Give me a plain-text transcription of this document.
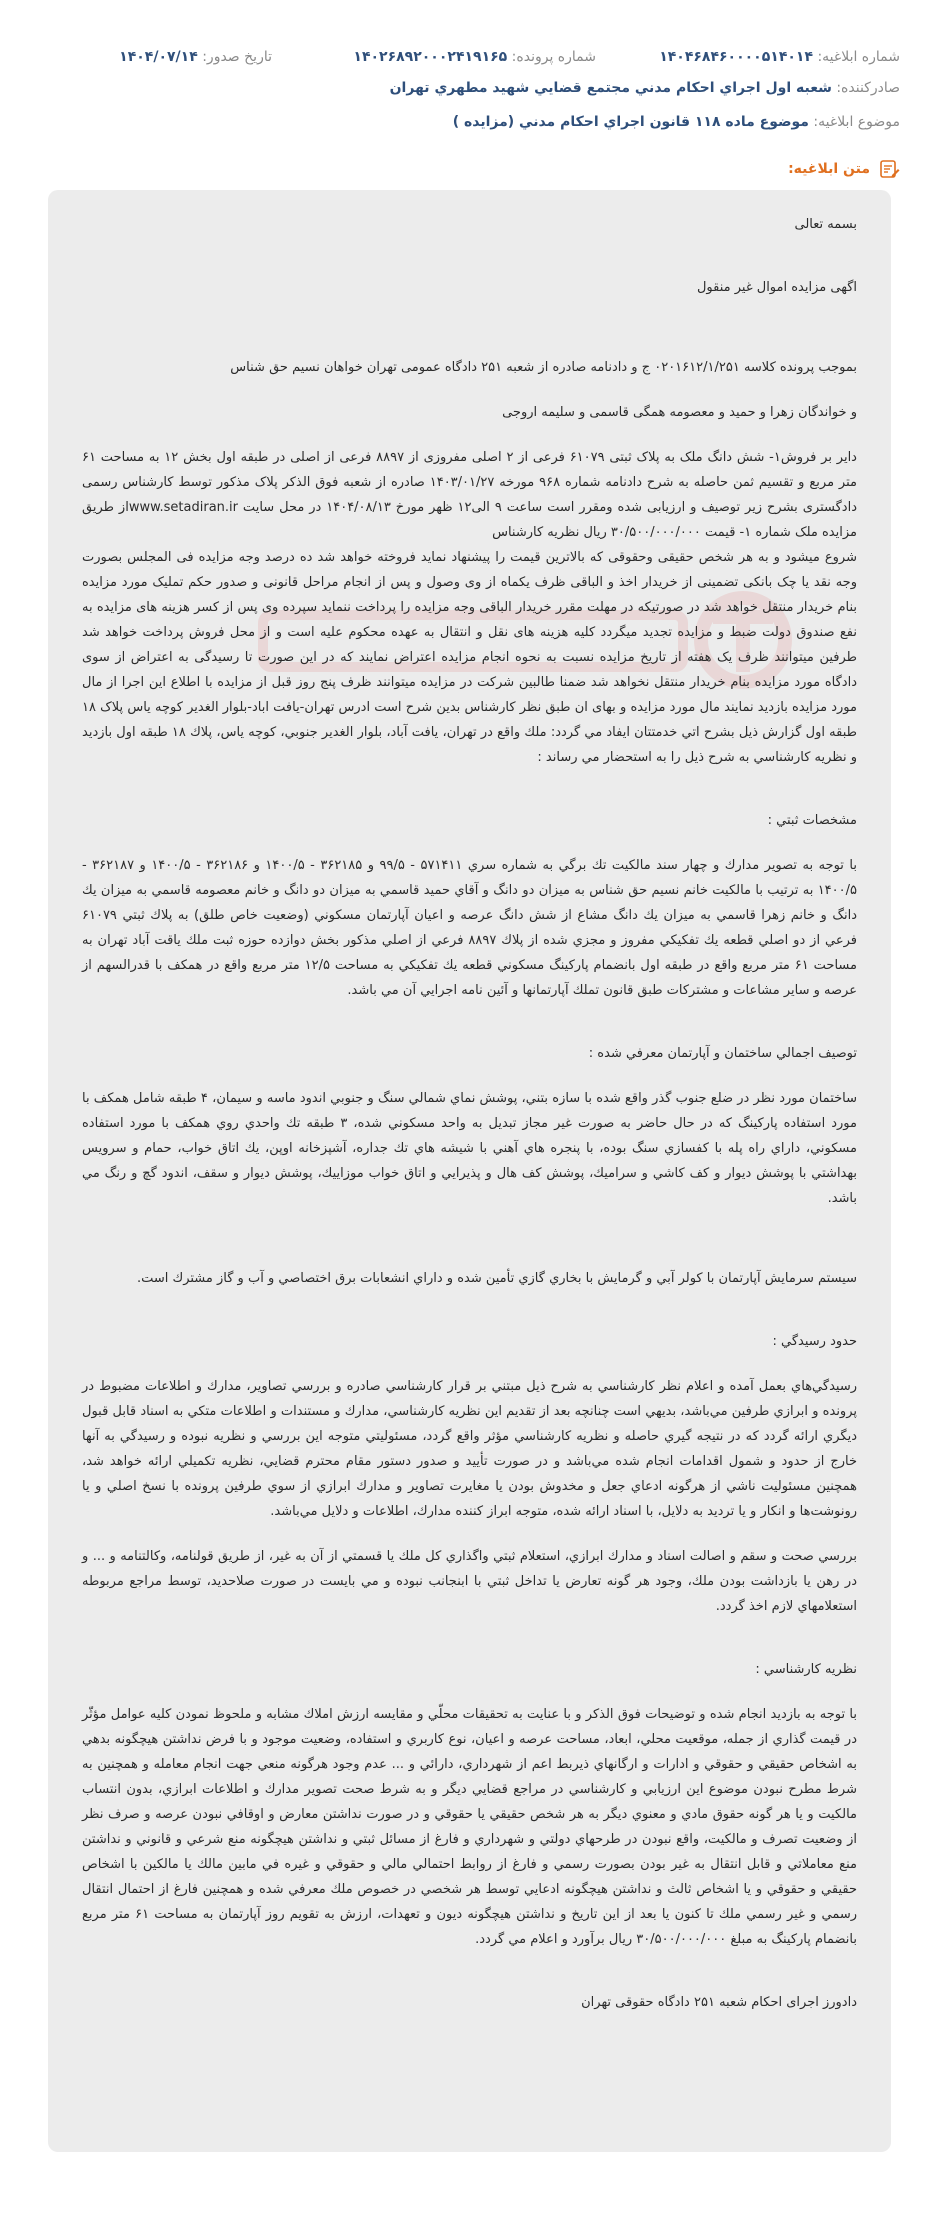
شماره ابلاغیه: ۱۴۰۴۶۸۴۶۰۰۰۰۵۱۴۰۱۴
شماره پرونده: ۱۴۰۲۶۸۹۲۰۰۰۲۴۱۹۱۶۵
تاریخ صدور: ۱۴۰۴/۰۷/۱۴
صادرکننده: شعبه اول اجراي احكام مدني مجتمع قضايي شهيد مطهري تهران
موضوع ابلاغیه: موضوع ماده ۱۱۸ قانون اجراي احكام مدني (مزايده )
متن ابلاغیه:

بسمه تعالی

اگهی مزایده اموال غیر منقول

بموجب پرونده کلاسه ۰۲۰۱۶۱۲/۱/۲۵۱ ج و دادنامه صادره از شعبه ۲۵۱ دادگاه عمومی تهران خواهان نسیم حق شناس

و خواندگان زهرا و حمید و معصومه همگی قاسمی و سلیمه اروجی

دایر بر فروش۱- شش دانگ ملک به پلاک ثبتی ۶۱۰۷۹ فرعی از ۲ اصلی مفروزی از ۸۸۹۷ فرعی از اصلی در طبقه اول بخش ۱۲ به مساحت ۶۱ متر مربع و تقسیم ثمن حاصله به شرح دادنامه شماره ۹۶۸ مورخه ۱۴۰۳/۰۱/۲۷ صادره از شعبه فوق الذکر پلاک مذکور توسط کارشناس رسمی دادگستری بشرح زیر توصیف و ارزیابی شده ومقرر است ساعت ۹ الی۱۲ ظهر مورخ ۱۴۰۴/۰۸/۱۳ در محل سایت www.setadiran.irاز طریق مزایده ملک شماره ۱- قیمت ۳۰/۵۰۰/۰۰۰/۰۰۰ ریال نظریه کارشناس

شروع میشود و به هر شخص حقیقی وحقوقی که بالاترین قیمت را پیشنهاد نماید فروخته خواهد شد ده درصد وجه مزایده فی المجلس بصورت وجه نقد یا چک بانکی تضمینی از خریدار اخذ و الباقی ظرف یکماه از وی وصول و پس از انجام مراحل قانونی و صدور حکم تملیک مورد مزایده بنام خریدار منتقل خواهد شد در صورتیکه در مهلت مقرر خریدار الباقی وجه مزایده را پرداخت ننماید سپرده وی پس از کسر هزینه های مزایده به نفع صندوق دولت ضبط و مزایده تجدید میگردد کلیه هزینه های نقل و انتقال به عهده محکوم علیه است و از محل فروش پرداخت خواهد شد طرفین میتوانند ظرف یک هفته از تاریخ مزایده نسبت به نحوه انجام مزایده اعتراض نمایند که در این صورت تا رسیدگی به اعتراض از سوی دادگاه مورد مزایده بنام خریدار منتقل نخواهد شد ضمنا طالبین شرکت در مزایده میتوانند ظرف پنج روز قبل از مزایده با اطلاع این اجرا از مال مورد مزایده بازدید نمایند مال مورد مزایده و بهای ان طبق نظر کارشناس بدین شرح است ادرس تهران-یافت اباد-بلوار الغدیر کوچه یاس پلاک ۱۸ طبقه اول گزارش ذیل بشرح اتي خدمتتان ايفاد مي گردد: ملك واقع در تهران، يافت آباد، بلوار الغدير جنوبي، كوچه ياس، پلاك ۱۸ طبقه اول بازديد و نظريه كارشناسي به شرح ذيل را به استحضار مي رساند :

مشخصات ثبتي :

با توجه به تصوير مدارك و چهار سند مالكيت تك برگي به شماره سري ۵۷۱۴۱۱ - ۹۹/۵ و ۳۶۲۱۸۵ - ۱۴۰۰/۵ و ۳۶۲۱۸۶ - ۱۴۰۰/۵ و ۳۶۲۱۸۷ - ۱۴۰۰/۵ به ترتيب با مالكيت خانم نسيم حق شناس به ميزان دو دانگ و آقاي حميد قاسمي به ميزان دو دانگ و خانم معصومه قاسمي به ميزان يك دانگ و خانم زهرا قاسمي به ميزان يك دانگ مشاع از شش دانگ عرصه و اعيان آپارتمان مسكوني (وضعيت خاص طلق) به پلاك ثبتي ۶۱۰۷۹ فرعي از دو اصلي قطعه يك تفكيكي مفروز و مجزي شده از پلاك ۸۸۹۷ فرعي از اصلي مذكور بخش دوازده حوزه ثبت ملك ياقت آباد تهران به مساحت ۶۱ متر مربع واقع در طبقه اول بانضمام پاركينگ مسكوني قطعه يك تفكيكي به مساحت ۱۲/۵ متر مربع واقع در همكف با قدرالسهم از عرصه و ساير مشاعات و مشتركات طبق قانون تملك آپارتمانها و آئين نامه اجرايي آن مي باشد.

توصيف اجمالي ساختمان و آپارتمان معرفي شده :

ساختمان مورد نظر در ضلع جنوب گذر واقع شده با سازه بتني، پوشش نماي شمالي سنگ و جنوبي اندود ماسه و سيمان، ۴ طبقه شامل همكف با مورد استفاده پاركينگ كه در حال حاضر به صورت غير مجاز تبديل به واحد مسكوني شده، ۳ طبقه تك واحدي روي همكف با مورد استفاده مسكوني، داراي راه پله با كفسازي سنگ بوده، با پنجره هاي آهني با شيشه هاي تك جداره، آشپزخانه اوپن، يك اتاق خواب، حمام و سرويس بهداشتي با پوشش ديوار و كف كاشي و سراميك، پوشش كف هال و پذيرايي و اتاق خواب موزاييك، پوشش ديوار و سقف، اندود گچ و رنگ مي باشد.

سيستم سرمايش آپارتمان با كولر آبي و گرمايش با بخاري گازي تأمين شده و داراي انشعابات برق اختصاصي و آب و گاز مشترك است.

حدود رسيدگي :

رسيدگي‌هاي بعمل آمده و اعلام نظر كارشناسي به شرح ذيل مبتني بر قرار كارشناسي صادره و بررسي تصاوير، مدارك و اطلاعات مضبوط در پرونده و ابرازي طرفين مي‌باشد، بديهي است چنانچه بعد از تقديم اين نظريه كارشناسي، مدارك و مستندات و اطلاعات متكي به اسناد قابل قبول ديگري ارائه گردد كه در نتيجه گيري حاصله و نظريه كارشناسي مؤثر واقع گردد، مسئوليتي متوجه اين بررسي و نظريه نبوده و رسيدگي به آنها خارج از حدود و شمول اقدامات انجام شده مي‌باشد و در صورت تأييد و صدور دستور مقام محترم قضايي، نظريه تكميلي ارائه خواهد شد، همچنين مسئوليت ناشي از هرگونه ادعاي جعل و مخدوش بودن يا مغايرت تصاوير و مدارك ابرازي از سوي طرفين پرونده با نسخ اصلي و يا رونوشت‌ها و انكار و يا ترديد به دلايل، با اسناد ارائه شده، متوجه ابراز كننده مدارك، اطلاعات و دلايل مي‌باشد.

بررسي صحت و سقم و اصالت اسناد و مدارك ابرازي، استعلام ثبتي واگذاري كل ملك يا قسمتي از آن به غير، از طريق قولنامه، وكالتنامه و ... و در رهن يا بازداشت بودن ملك، وجود هر گونه تعارض يا تداخل ثبتي با ابنجانب نبوده و مي بايست در صورت صلاحديد، توسط مراجع مربوطه استعلامهاي لازم اخذ گردد.

نظريه كارشناسي :

با توجه به بازديد انجام شده و توضيحات فوق الذكر و با عنايت به تحقيقات محلّي و مقايسه ارزش املاك مشابه و ملحوظ نمودن كليه عوامل مؤثّر در قيمت گذاري از جمله، موقعيت محلي، ابعاد، مساحت عرصه و اعيان، نوع كاربري و استفاده، وضعيت موجود و با فرض نداشتن هيچگونه بدهي به اشخاص حقيقي و حقوقي و ادارات و ارگانهاي ذيربط اعم از شهرداري، دارائي و ... عدم وجود هرگونه منعي جهت انجام معامله و همچنين به شرط مطرح نبودن موضوع اين ارزيابي و كارشناسي در مراجع قضايي ديگر و به شرط صحت تصوير مدارك و اطلاعات ابرازي، بدون انتساب مالكيت و يا هر گونه حقوق مادي و معنوي ديگر به هر شخص حقيقي يا حقوقي و در صورت نداشتن معارض و اوقافي نبودن عرصه و صرف نظر از وضعيت تصرف و مالكيت، واقع نبودن در طرحهاي دولتي و شهرداري و فارغ از مسائل ثبتي و نداشتن هيچگونه منع شرعي و قانوني و نداشتن منع معاملاتي و قابل انتقال به غير بودن بصورت رسمي و فارغ از روابط احتمالي مالي و حقوقي و غيره في مابين مالك يا مالكين با اشخاص حقيقي و حقوقي و يا اشخاص ثالث و نداشتن هيچگونه ادعايي توسط هر شخصي در خصوص ملك معرفي شده و همچنين فارغ از احتمال انتقال رسمي و غير رسمي ملك تا كنون يا بعد از اين تاريخ و نداشتن هيچگونه ديون و تعهدات، ارزش به تقويم روز آپارتمان به مساحت ۶۱ متر مربع بانضمام پاركينگ به مبلغ ۳۰/۵۰۰/۰۰۰/۰۰۰ ريال برآورد و اعلام مي گردد.

دادورز اجرای احکام شعبه ۲۵۱ دادگاه حقوقی تهران
